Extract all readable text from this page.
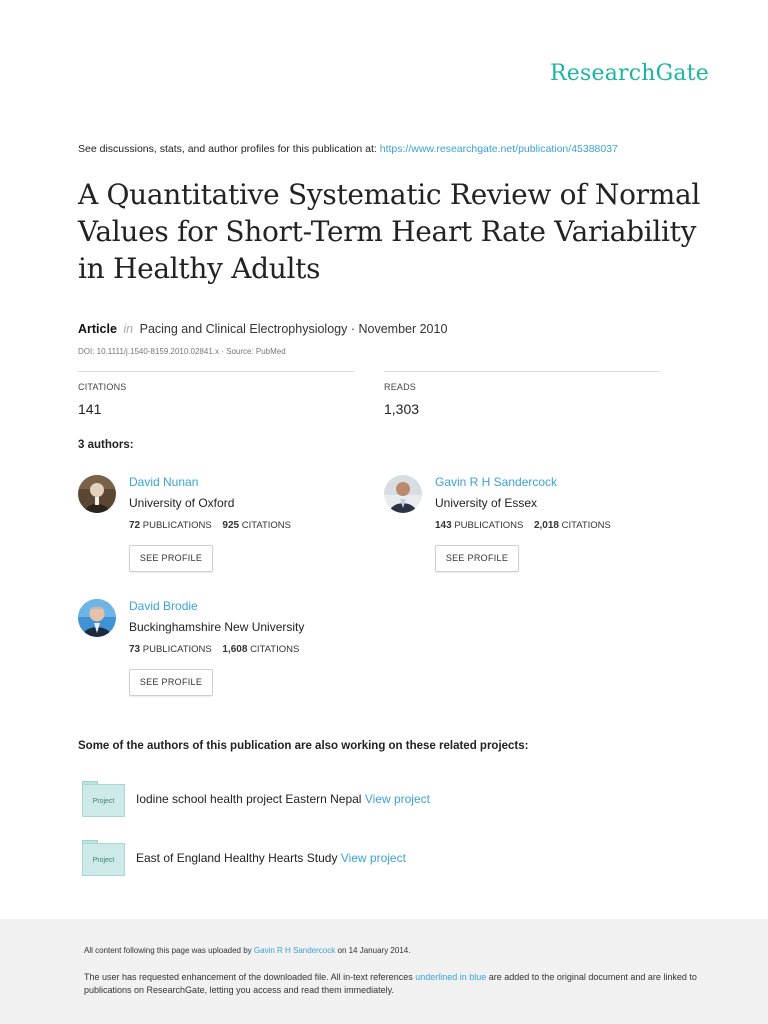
ResearchGate
See discussions, stats, and author profiles for this publication at: https://www.researchgate.net/publication/45388037
A Quantitative Systematic Review of Normal Values for Short-Term Heart Rate Variability in Healthy Adults
Article in Pacing and Clinical Electrophysiology · November 2010
DOI: 10.1111/j.1540-8159.2010.02841.x · Source: PubMed
CITATIONS
141
READS
1,303
3 authors:
David Nunan
University of Oxford
72 PUBLICATIONS 925 CITATIONS
SEE PROFILE
Gavin R H Sandercock
University of Essex
143 PUBLICATIONS 2,018 CITATIONS
SEE PROFILE
David Brodie
Buckinghamshire New University
73 PUBLICATIONS 1,608 CITATIONS
SEE PROFILE
Some of the authors of this publication are also working on these related projects:
Project	Iodine school health project Eastern Nepal View project
Project	East of England Healthy Hearts Study View project
All content following this page was uploaded by Gavin R H Sandercock on 14 January 2014.
The user has requested enhancement of the downloaded file. All in-text references underlined in blue are added to the original document and are linked to publications on ResearchGate, letting you access and read them immediately.
